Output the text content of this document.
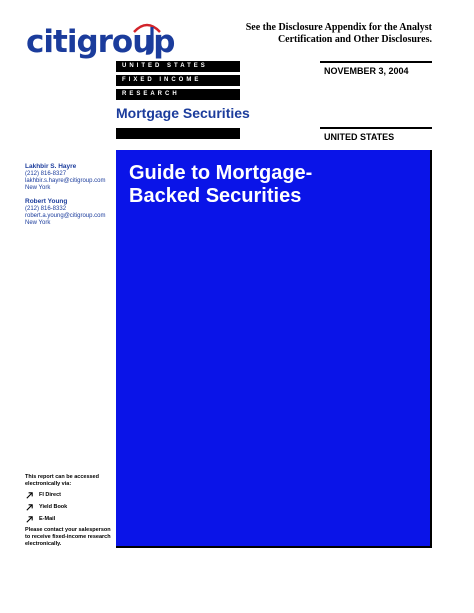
citigroup	See the Disclosure Appendix for the Analyst
Certification and Other Disclosures.
UNITED STATES
FIXED INCOME
RESEARCH
NOVEMBER 3, 2004
Mortgage Securities
UNITED STATES
Lakhbir S. Hayre
(212) 816-8327
lakhbir.s.hayre@citigroup.com
New York
Robert Young
(212) 816-8332
robert.a.young@citigroup.com
New York
Guide to Mortgage-
Backed Securities
This report can be accessed
electronically via:
FI Direct
Yield Book
E-Mail
Please contact your salesperson
to receive fixed-income research
electronically.
